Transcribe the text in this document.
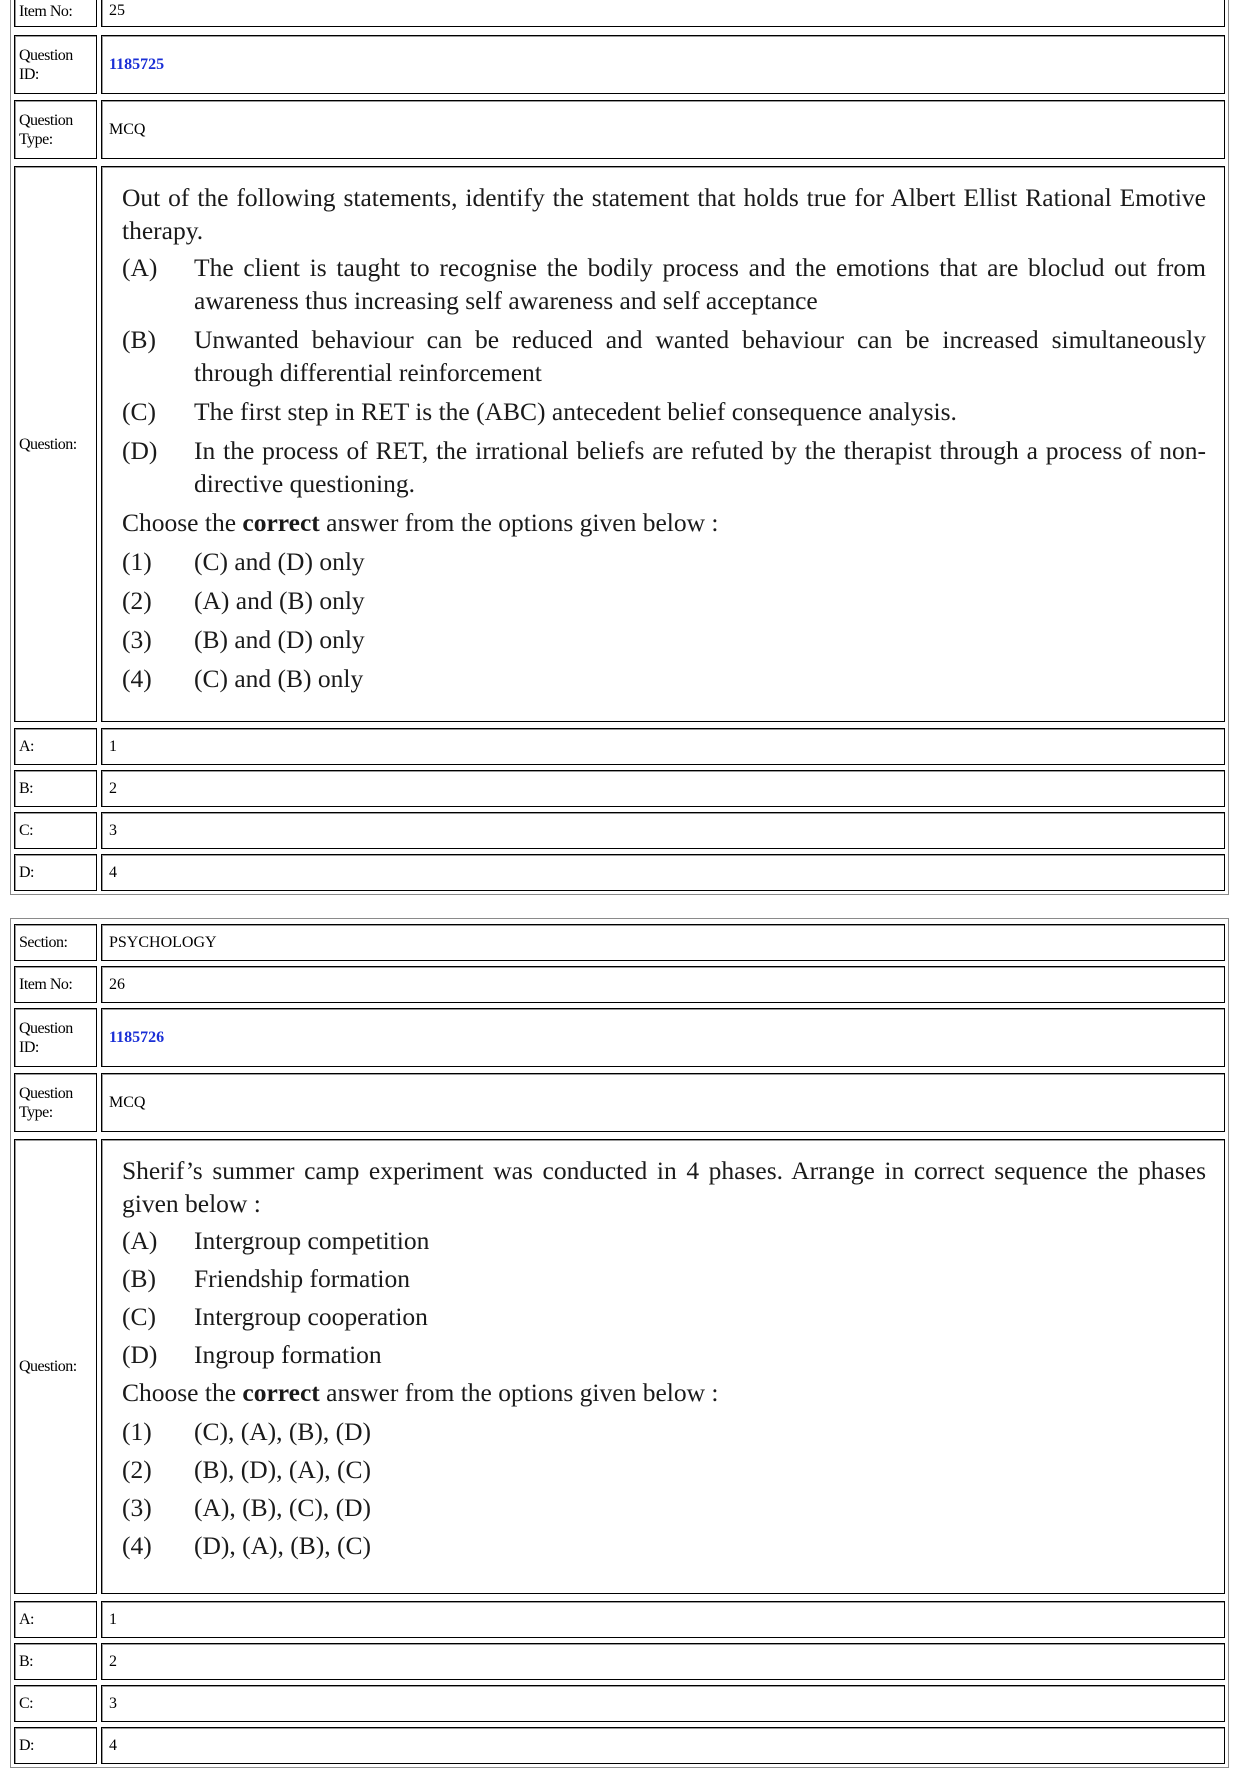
Item No:	25
Question ID:
1185725
Question Type:
MCQ
Question:
Out of the following statements, identify the statement that holds true for Albert Ellist Rational Emotive therapy.
(A) The client is taught to recognise the bodily process and the emotions that are bloclud out from awareness thus increasing self awareness and self acceptance
(B) Unwanted behaviour can be reduced and wanted behaviour can be increased simultaneously through differential reinforcement
(C) The first step in RET is the (ABC) antecedent belief consequence analysis.
(D) In the process of RET, the irrational beliefs are refuted by the therapist through a process of non-directive questioning.
Choose the correct answer from the options given below :
(1) (C) and (D) only
(2) (A) and (B) only
(3) (B) and (D) only
(4) (C) and (B) only
A:	1
B:	2
C:	3
D:	4
Section:	PSYCHOLOGY
Item No:	26
Question ID:
1185726
Question Type:
MCQ
Question:
Sherif’s summer camp experiment was conducted in 4 phases. Arrange in correct sequence the phases given below :
(A) Intergroup competition
(B) Friendship formation
(C) Intergroup cooperation
(D) Ingroup formation
Choose the correct answer from the options given below :
(1) (C), (A), (B), (D)
(2) (B), (D), (A), (C)
(3) (A), (B), (C), (D)
(4) (D), (A), (B), (C)
A:	1
B:	2
C:	3
D:	4
